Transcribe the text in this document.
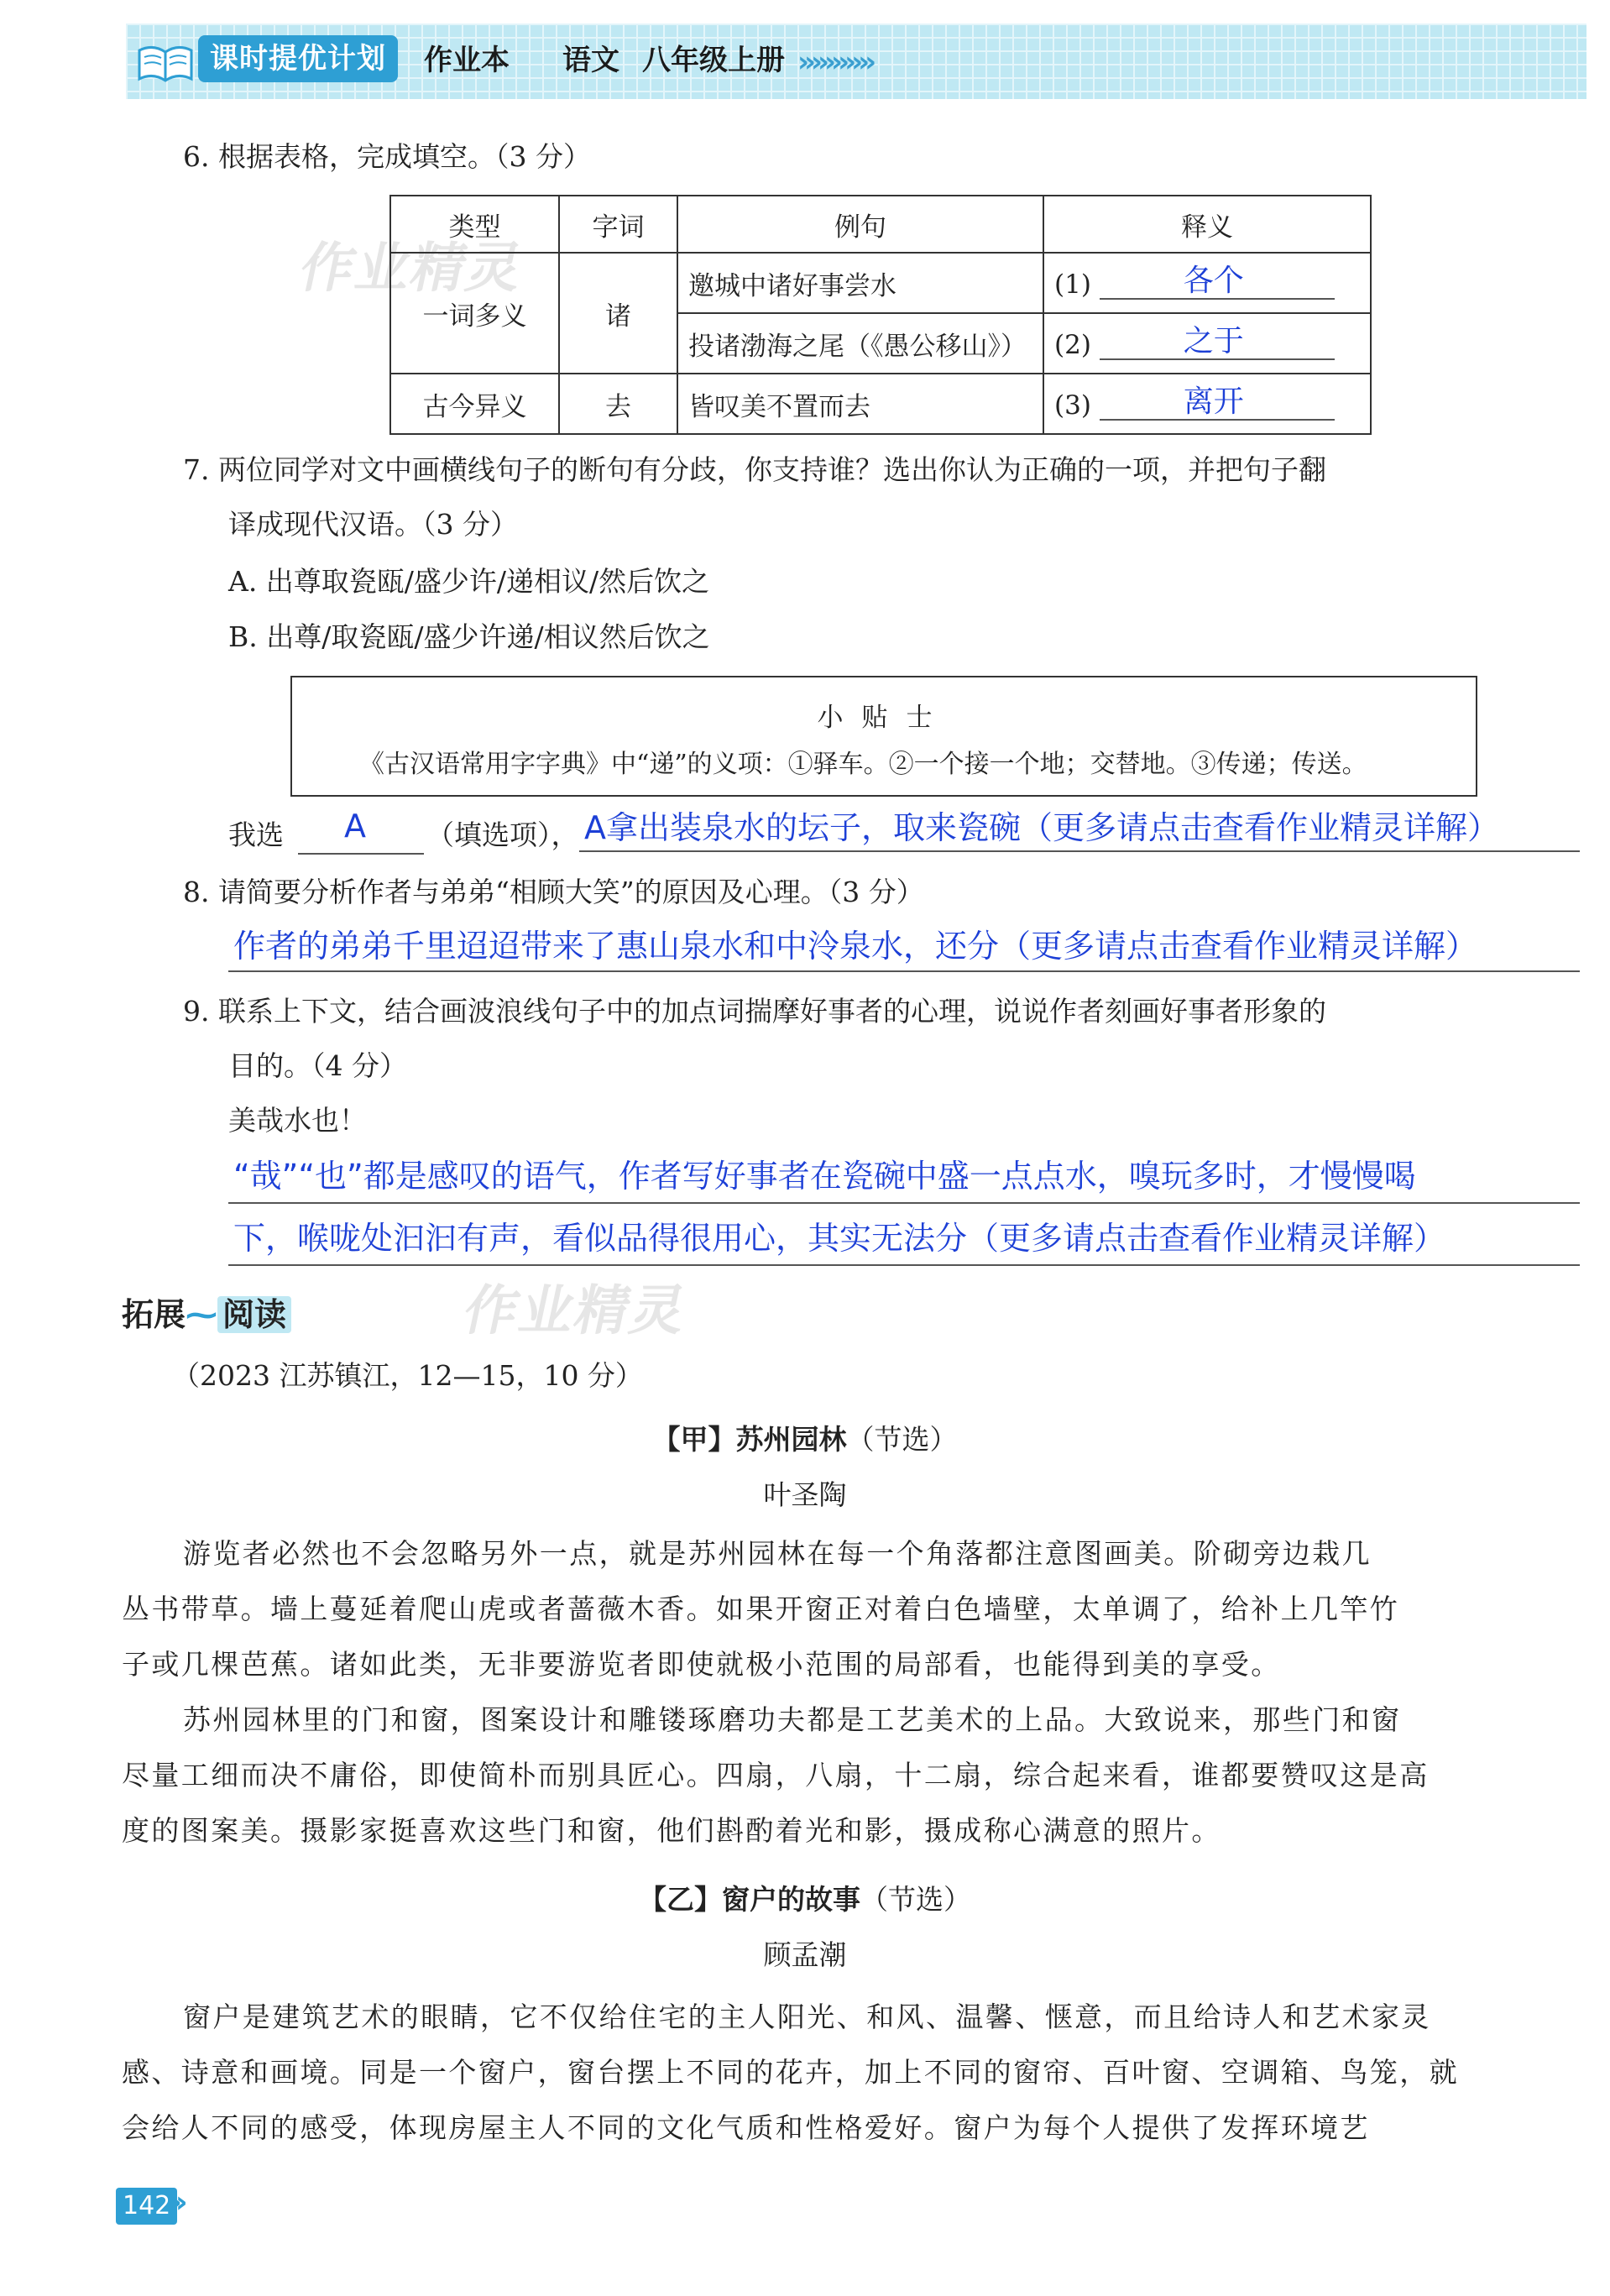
课时提优计划	作业本 语文 八年级上册 ›››››››››››
作业精灵
作业精灵
6. 根据表格，完成填空。（3 分）
类型	字词	例句	释义
一词多义	诸	邀城中诸好事尝水	(1) 各个

		投诸渤海之尾（《愚公移山》）	(2) 之于

古今异义	去	皆叹美不置而去	(3) 离开
7. 两位同学对文中画横线句子的断句有分歧，你支持谁？选出你认为正确的一项，并把句子翻
译成现代汉语。（3 分）
A. 出尊取瓷瓯/盛少许/递相议/然后饮之
B. 出尊/取瓷瓯/盛少许递/相议然后饮之
小贴士
《古汉语常用字字典》中“递”的义项：①驿车。②一个接一个地；交替地。③传递；传送。
我选 A （填选项）， A拿出装泉水的坛子，取来瓷碗（更多请点击查看作业精灵详解）
8. 请简要分析作者与弟弟“相顾大笑”的原因及心理。（3 分）
作者的弟弟千里迢迢带来了惠山泉水和中泠泉水，还分（更多请点击查看作业精灵详解）
9. 联系上下文，结合画波浪线句子中的加点词揣摩好事者的心理，说说作者刻画好事者形象的
目的。（4 分）
美哉水也！
“哉”“也”都是感叹的语气，作者写好事者在瓷碗中盛一点点水，嗅玩多时，才慢慢喝
下，喉咙处汩汩有声，看似品得很用心，其实无法分（更多请点击查看作业精灵详解）
拓展⁓ 阅读
（2023 江苏镇江，12—15，10 分）
【甲】苏州园林（节选）
叶圣陶
游览者必然也不会忽略另外一点，就是苏州园林在每一个角落都注意图画美。阶砌旁边栽几
丛书带草。墙上蔓延着爬山虎或者蔷薇木香。如果开窗正对着白色墙壁，太单调了，给补上几竿竹
子或几棵芭蕉。诸如此类，无非要游览者即使就极小范围的局部看，也能得到美的享受。
苏州园林里的门和窗，图案设计和雕镂琢磨功夫都是工艺美术的上品。大致说来，那些门和窗
尽量工细而决不庸俗，即使简朴而别具匠心。四扇，八扇，十二扇，综合起来看，谁都要赞叹这是高
度的图案美。摄影家挺喜欢这些门和窗，他们斟酌着光和影，摄成称心满意的照片。
【乙】窗户的故事（节选）
顾孟潮
窗户是建筑艺术的眼睛，它不仅给住宅的主人阳光、和风、温馨、惬意，而且给诗人和艺术家灵
感、诗意和画境。同是一个窗户，窗台摆上不同的花卉，加上不同的窗帘、百叶窗、空调箱、鸟笼，就
会给人不同的感受，体现房屋主人不同的文化气质和性格爱好。窗户为每个人提供了发挥环境艺
142
››
